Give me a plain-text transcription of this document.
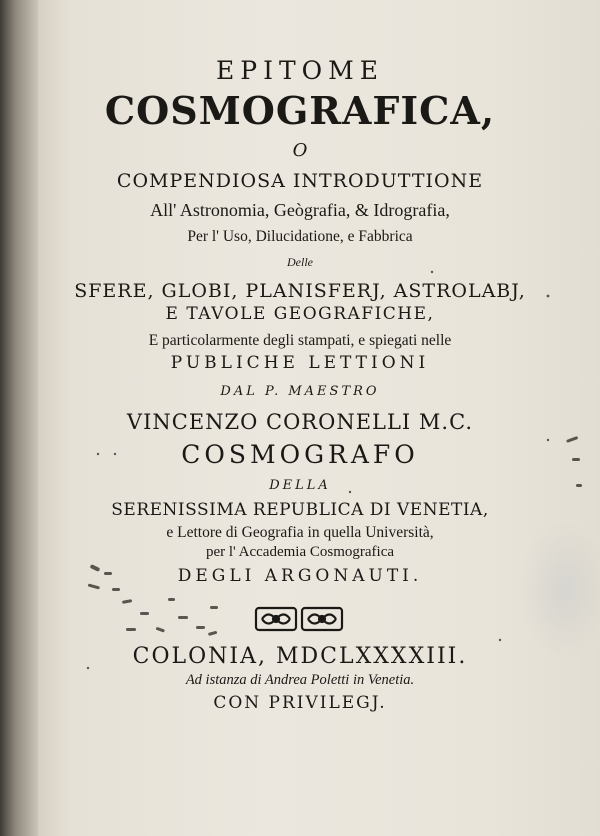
EPITOME
COSMOGRAFICA,
O
COMPENDIOSA INTRODUTTIONE
All' Astronomia, Geògrafia, & Idrografia,
Per l' Uso, Dilucidatione, e Fabbrica
Delle
SFERE, GLOBI, PLANISFERJ, ASTROLABJ,
E TAVOLE GEOGRAFICHE,
E particolarmente degli stampati, e spiegati nelle
PUBLICHE LETTIONI
DAL P. MAESTRO
VINCENZO CORONELLI M.C.
COSMOGRAFO
DELLA
SERENISSIMA REPUBLICA DI VENETIA,
e Lettore di Geografia in quella Università,
per l' Accademia Cosmografica
DEGLI ARGONAUTI.
COLONIA, MDCLXXXXIII.
Ad istanza di Andrea Poletti in Venetia.
CON PRIVILEGJ.
